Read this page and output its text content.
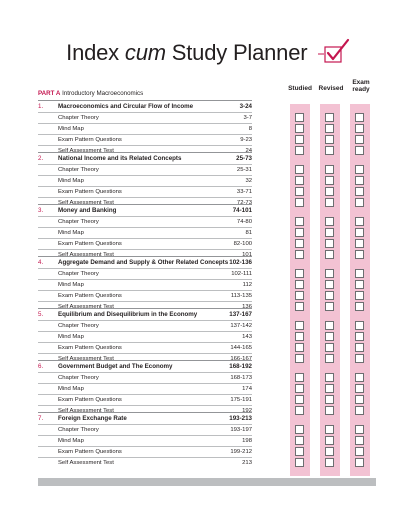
Index cum Study Planner
Studied	Revised
Exam
ready
PART A Introductory Macroeconomics
1.	Macroeconomics and Circular Flow of Income	3-24
Chapter Theory	3-7
Mind Map	8
Exam Pattern Questions	9-23
Self Assessment Test	24
2.	National Income and its Related Concepts	25-73
Chapter Theory	25-31
Mind Map	32
Exam Pattern Questions	33-71
Self Assessment Test	72-73
3.	Money and Banking	74-101
Chapter Theory	74-80
Mind Map	81
Exam Pattern Questions	82-100
Self Assessment Test	101
4.	Aggregate Demand and Supply & Other Related Concepts 102-136
Chapter Theory	102-111
Mind Map	112
Exam Pattern Questions	113-135
Self Assessment Test	136
5.	Equilibrium and Disequilibrium in the Economy	137-167
Chapter Theory	137-142
Mind Map	143
Exam Pattern Questions	144-165
Self Assessment Test	166-167
6.	Government Budget and The Economy	168-192
Chapter Theory	168-173
Mind Map	174
Exam Pattern Questions	175-191
Self Assessment Test	192
7.	Foreign Exchange Rate	193-213
Chapter Theory	193-197
Mind Map	198
Exam Pattern Questions	199-212
Self Assessment Test	213
